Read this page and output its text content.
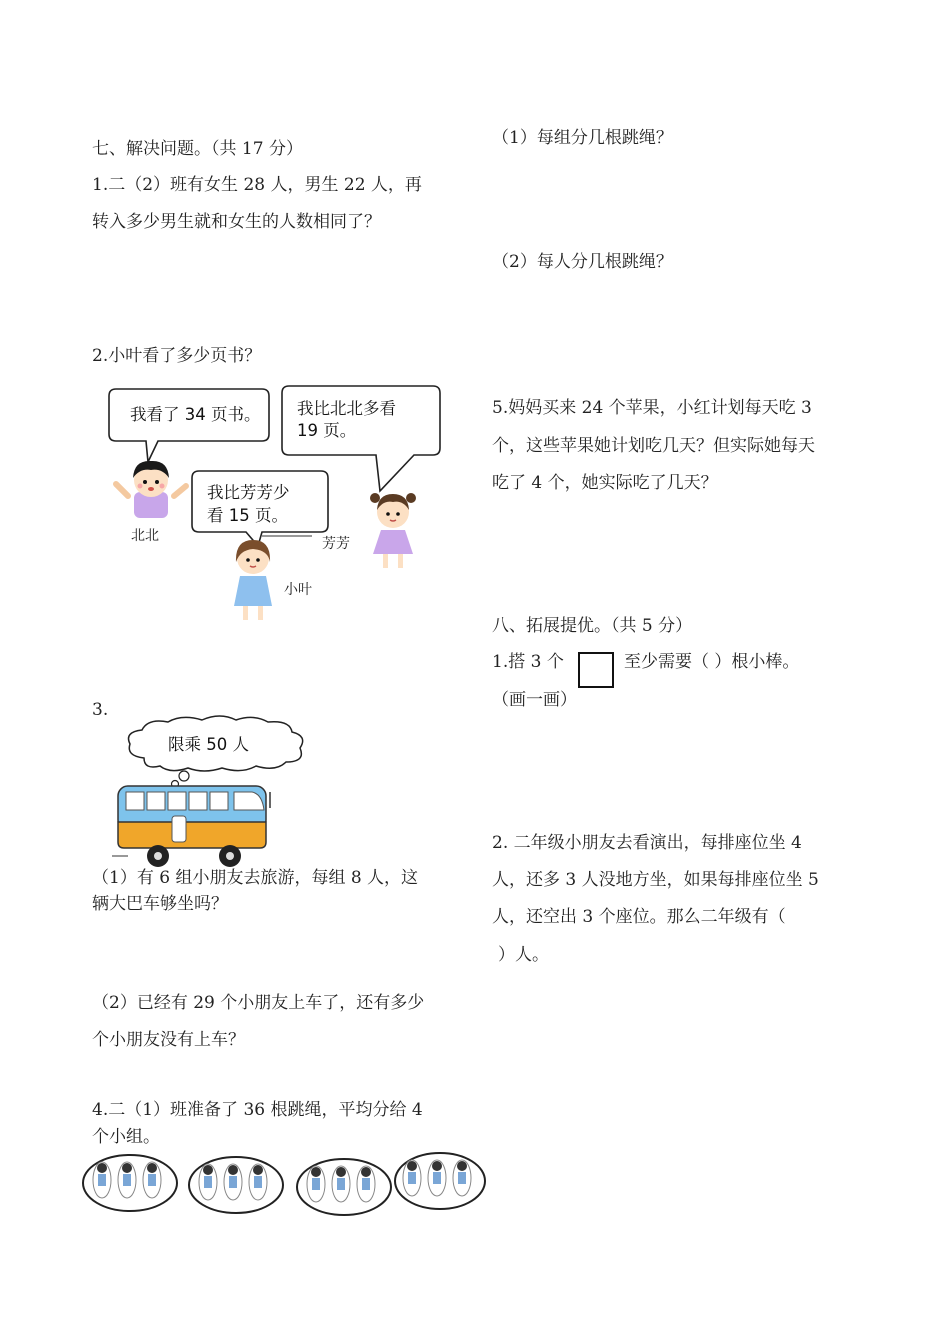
七、解决问题。（共 17 分）
1.二（2）班有女生 28 人，男生 22 人，再
转入多少男生就和女生的人数相同了？
2.小叶看了多少页书？
我看了 34 页书。 我比北北多看
19 页。
我比芳芳少
看 15 页。
北北	芳芳
小叶
3.
限乘 50 人
（1）有 6 组小朋友去旅游，每组 8 人，这
辆大巴车够坐吗？
（2）已经有 29 个小朋友上车了，还有多少
个小朋友没有上车？
4.二（1）班准备了 36 根跳绳，平均分给 4
个小组。
（1）每组分几根跳绳？
（2）每人分几根跳绳？
5.妈妈买来 24 个苹果，小红计划每天吃 3
个，这些苹果她计划吃几天？但实际她每天
吃了 4 个，她实际吃了几天？
八、拓展提优。（共 5 分）
1.搭 3 个	至少需要（ ）根小棒。
（画一画）
2. 二年级小朋友去看演出，每排座位坐 4
人，还多 3 人没地方坐，如果每排座位坐 5
人，还空出 3 个座位。那么二年级有（
）人。
